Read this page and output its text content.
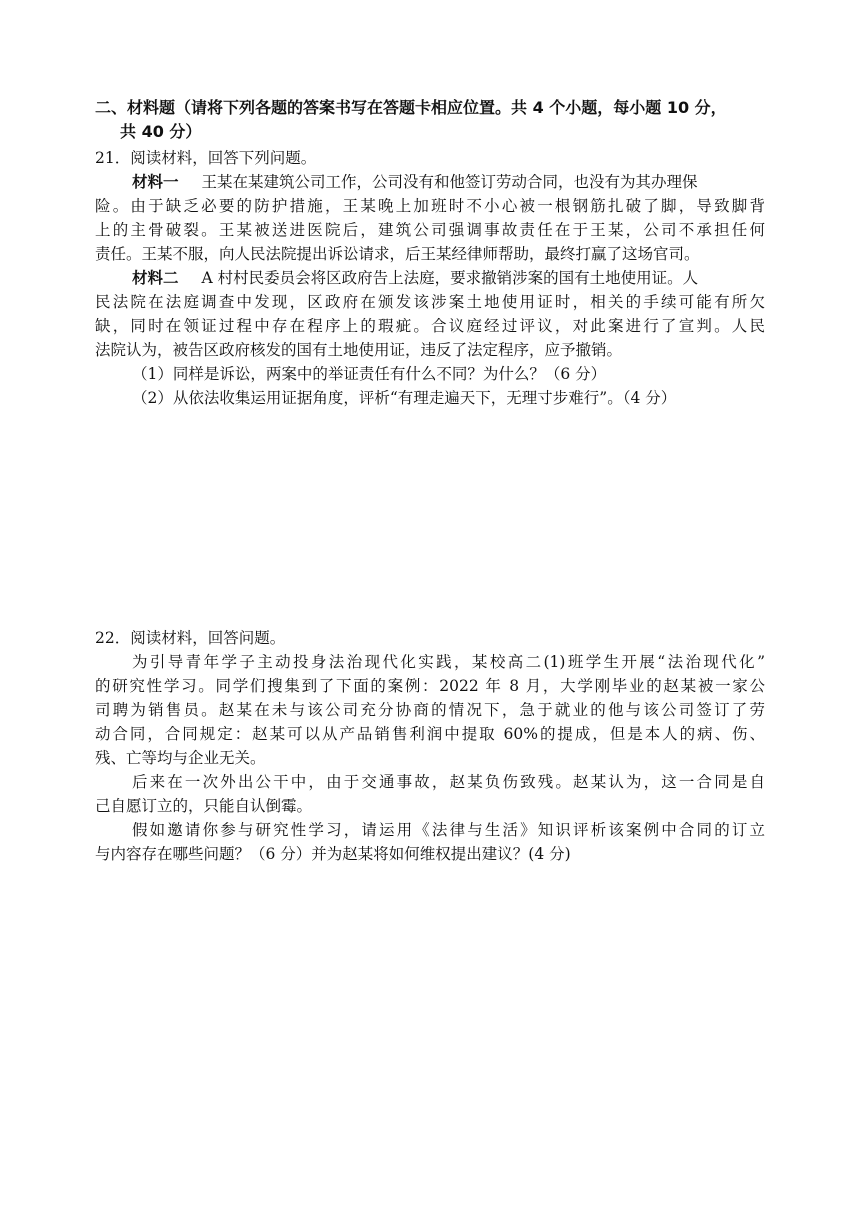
二、材料题（请将下列各题的答案书写在答题卡相应位置。共 4 个小题，每小题 10 分，
共 40 分）
21．阅读材料，回答下列问题。
材料一 王某在某建筑公司工作，公司没有和他签订劳动合同，也没有为其办理保
险。由于缺乏必要的防护措施，王某晚上加班时不小心被一根钢筋扎破了脚，导致脚背
上的主骨破裂。王某被送进医院后，建筑公司强调事故责任在于王某，公司不承担任何
责任。王某不服，向人民法院提出诉讼请求，后王某经律师帮助，最终打赢了这场官司。
材料二 A 村村民委员会将区政府告上法庭，要求撤销涉案的国有土地使用证。人
民法院在法庭调查中发现，区政府在颁发该涉案土地使用证时，相关的手续可能有所欠
缺，同时在领证过程中存在程序上的瑕疵。合议庭经过评议，对此案进行了宣判。人民
法院认为，被告区政府核发的国有土地使用证，违反了法定程序，应予撤销。
（1）同样是诉讼，两案中的举证责任有什么不同？为什么？（6 分）
（2）从依法收集运用证据角度，评析“有理走遍天下，无理寸步难行”。（4 分）
22．阅读材料，回答问题。
为引导青年学子主动投身法治现代化实践，某校高二(1)班学生开展“法治现代化”
的研究性学习。同学们搜集到了下面的案例：2022 年 8 月，大学刚毕业的赵某被一家公
司聘为销售员。赵某在未与该公司充分协商的情况下，急于就业的他与该公司签订了劳
动合同，合同规定：赵某可以从产品销售利润中提取 60%的提成，但是本人的病、伤、
残、亡等均与企业无关。
后来在一次外出公干中，由于交通事故，赵某负伤致残。赵某认为，这一合同是自
己自愿订立的，只能自认倒霉。
假如邀请你参与研究性学习，请运用《法律与生活》知识评析该案例中合同的订立
与内容存在哪些问题？（6 分）并为赵某将如何维权提出建议？(4 分)
